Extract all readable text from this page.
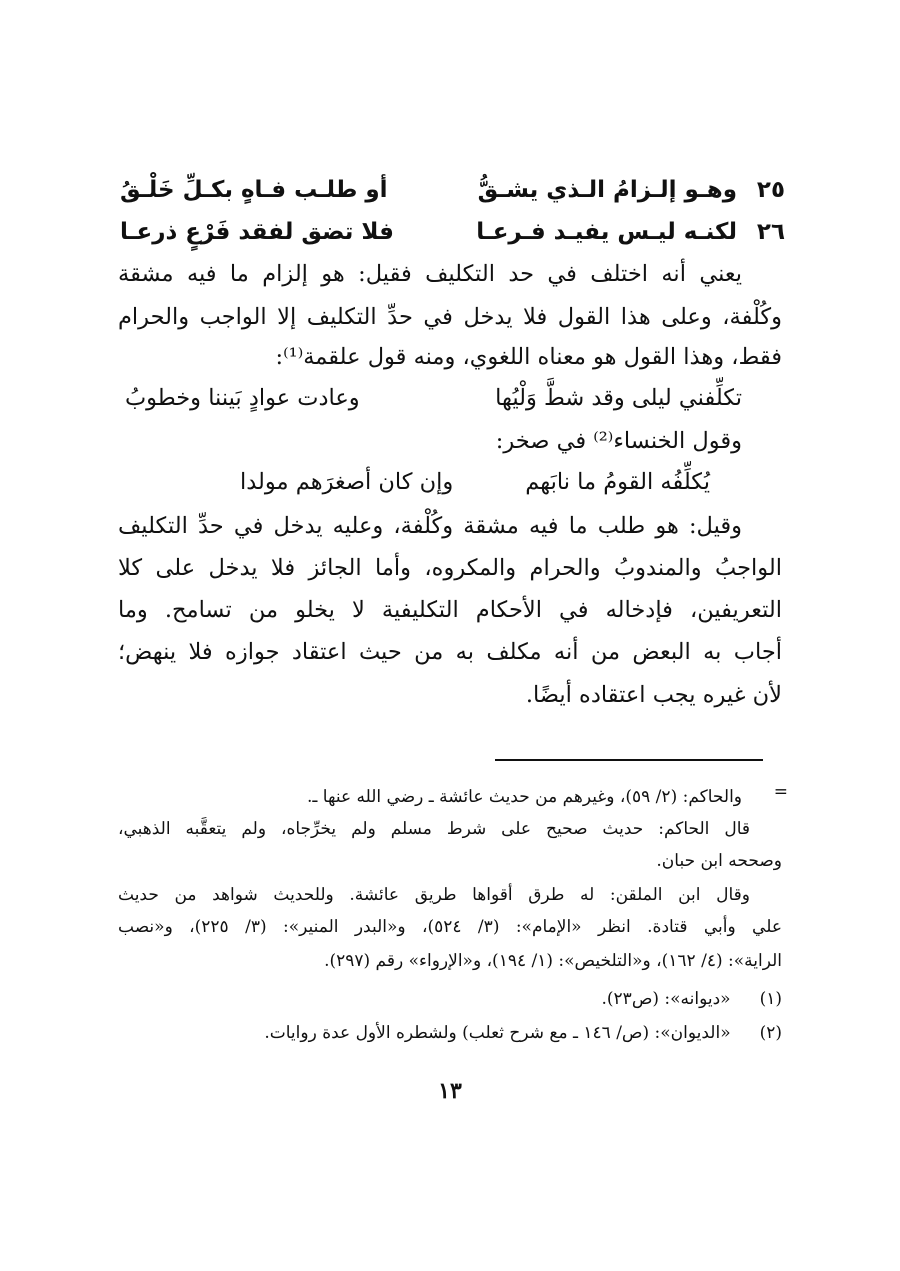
٢٥
وهـو إلـزامُ الـذي يشـقُّ
أو طلـب فـاهٍ بكـلِّ خَلْـقُ
٢٦
لكنـه ليـس يفيـد فـرعـا
فلا تضق لفقد فَرْعٍ ذرعـا
يعني أنه اختلف في حد التكليف فقيل: هو إلزام ما فيه مشقة
وكُلْفة، وعلى هذا القول فلا يدخل في حدِّ التكليف إلا الواجب والحرام
فقط، وهذا القول هو معناه اللغوي، ومنه قول علقمة⁽¹⁾:
تكلِّفني ليلى وقد شطَّ وَلْيُها
وعادت عوادٍ بَيننا وخطوبُ
وقول الخنساء⁽²⁾ في صخر:
يُكلِّفُه القومُ ما نابَهم
وإن كان أصغرَهم مولدا
وقيل: هو طلب ما فيه مشقة وكُلْفة، وعليه يدخل في حدِّ التكليف
الواجبُ والمندوبُ والحرام والمكروه، وأما الجائز فلا يدخل على كلا
التعريفين، فإدخاله في الأحكام التكليفية لا يخلو من تسامح. وما
أجاب به البعض من أنه مكلف به من حيث اعتقاد جوازه فلا ينهض؛
لأن غيره يجب اعتقاده أيضًا.
=
والحاكم: (٢/ ٥٩)، وغيرهم من حديث عائشة ـ رضي الله عنها ـ.
قال الحاكم: حديث صحيح على شرط مسلم ولم يخرِّجاه، ولم يتعقَّبه الذهبي،
وصححه ابن حبان.
وقال ابن الملقن: له طرق أقواها طريق عائشة. وللحديث شواهد من حديث
علي وأبي قتادة. انظر «الإمام»: (٣/ ٥٢٤)، و«البدر المنير»: (٣/ ٢٢٥)، و«نصب
الراية»: (٤/ ١٦٢)، و«التلخيص»: (١/ ١٩٤)، و«الإرواء» رقم (٢٩٧).
(١) «ديوانه»: (ص٢٣).
(٢) «الديوان»: (ص/ ١٤٦ ـ مع شرح ثعلب) ولشطره الأول عدة روايات.
١٣
